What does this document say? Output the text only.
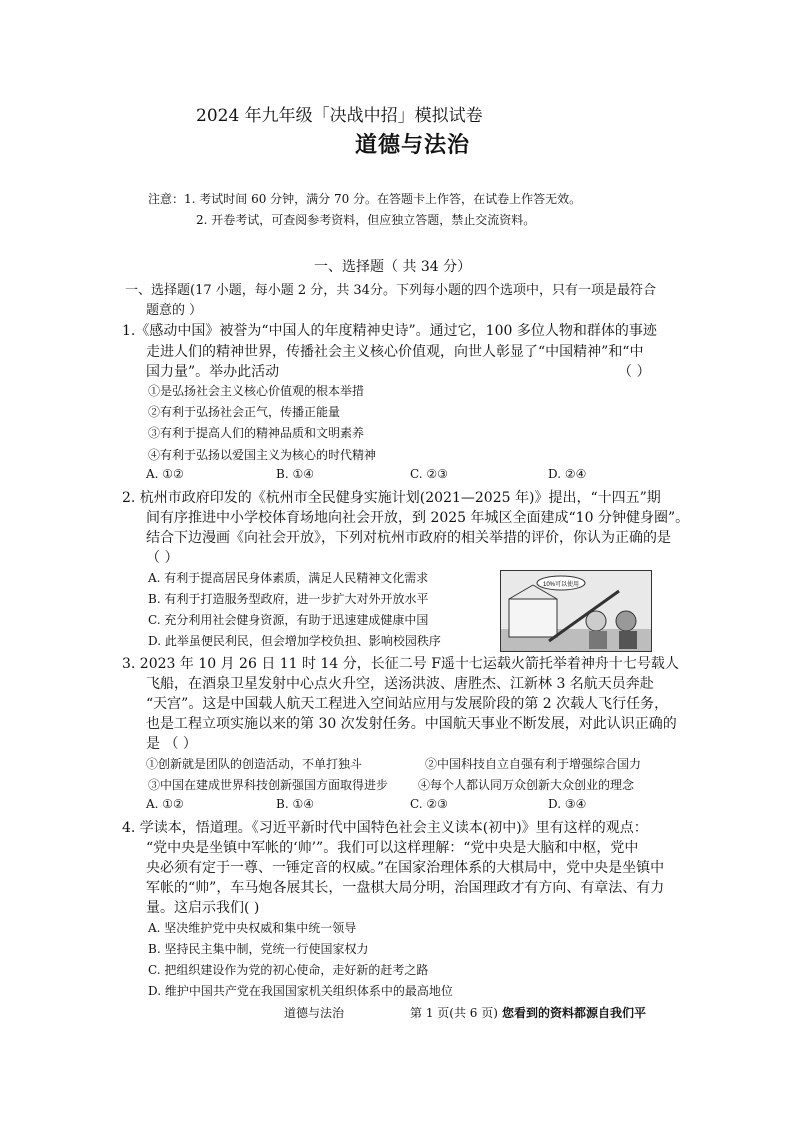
2024 年九年级「决战中招」模拟试卷
道德与法治
注意：1. 考试时间 60 分钟，满分 70 分。在答题卡上作答，在试卷上作答无效。
2. 开卷考试，可查阅参考资料，但应独立答题，禁止交流资料。
一、选择题（ 共 34 分）
一、选择题(17 小题，每小题 2 分，共 34分。下列每小题的四个选项中，只有一项是最符合
题意的 ）
1.《感动中国》被誉为“中国人的年度精神史诗”。通过它，100 多位人物和群体的事迹
走进人们的精神世界，传播社会主义核心价值观，向世人彰显了“中国精神”和“中
国力量”。举办此活动	（ ）
①是弘扬社会主义核心价值观的根本举措
②有利于弘扬社会正气，传播正能量
③有利于提高人们的精神品质和文明素养
④有利于弘扬以爱国主义为核心的时代精神
A. ①②	B. ①④	C. ②③	D. ②④
2. 杭州市政府印发的《杭州市全民健身实施计划(2021—2025 年)》提出，“十四五”期
间有序推进中小学校体育场地向社会开放，到 2025 年城区全面建成“10 分钟健身圈”。
结合下边漫画《向社会开放》，下列对杭州市政府的相关举措的评价，你认为正确的是
（ ）
A. 有利于提高居民身体素质，满足人民精神文化需求
B. 有利于打造服务型政府，进一步扩大对外开放水平
C. 充分利用社会健身资源，有助于迅速建成健康中国
D. 此举虽便民利民，但会增加学校负担、影响校园秩序
10%可以使用
3. 2023 年 10 月 26 日 11 时 14 分，长征二号 F遥十七运载火箭托举着神舟十七号载人
飞船，在酒泉卫星发射中心点火升空，送汤洪波、唐胜杰、江新林 3 名航天员奔赴
“天宫”。这是中国载人航天工程进入空间站应用与发展阶段的第 2 次载人飞行任务，
也是工程立项实施以来的第 30 次发射任务。中国航天事业不断发展，对此认识正确的
是 （ ）
①创新就是团队的创造活动，不单打独斗	②中国科技自立自强有利于增强综合国力
③中国在建成世界科技创新强国方面取得进步 ④每个人都认同万众创新大众创业的理念
A. ①②	B. ①④	C. ②③	D. ③④
4. 学读本，悟道理。《习近平新时代中国特色社会主义读本(初中)》里有这样的观点：
“党中央是坐镇中军帐的‘帅’”。我们可以这样理解：“党中央是大脑和中枢，党中
央必须有定于一尊、一锤定音的权威。”在国家治理体系的大棋局中，党中央是坐镇中
军帐的“帅”，车马炮各展其长，一盘棋大局分明，治国理政才有方向、有章法、有力
量。这启示我们( )
A. 坚决维护党中央权威和集中统一领导
B. 坚持民主集中制，党统一行使国家权力
C. 把组织建设作为党的初心使命，走好新的赶考之路
D. 维护中国共产党在我国国家机关组织体系中的最高地位
道德与法治	第 1 页(共 6 页) 您看到的资料都源自我们平
